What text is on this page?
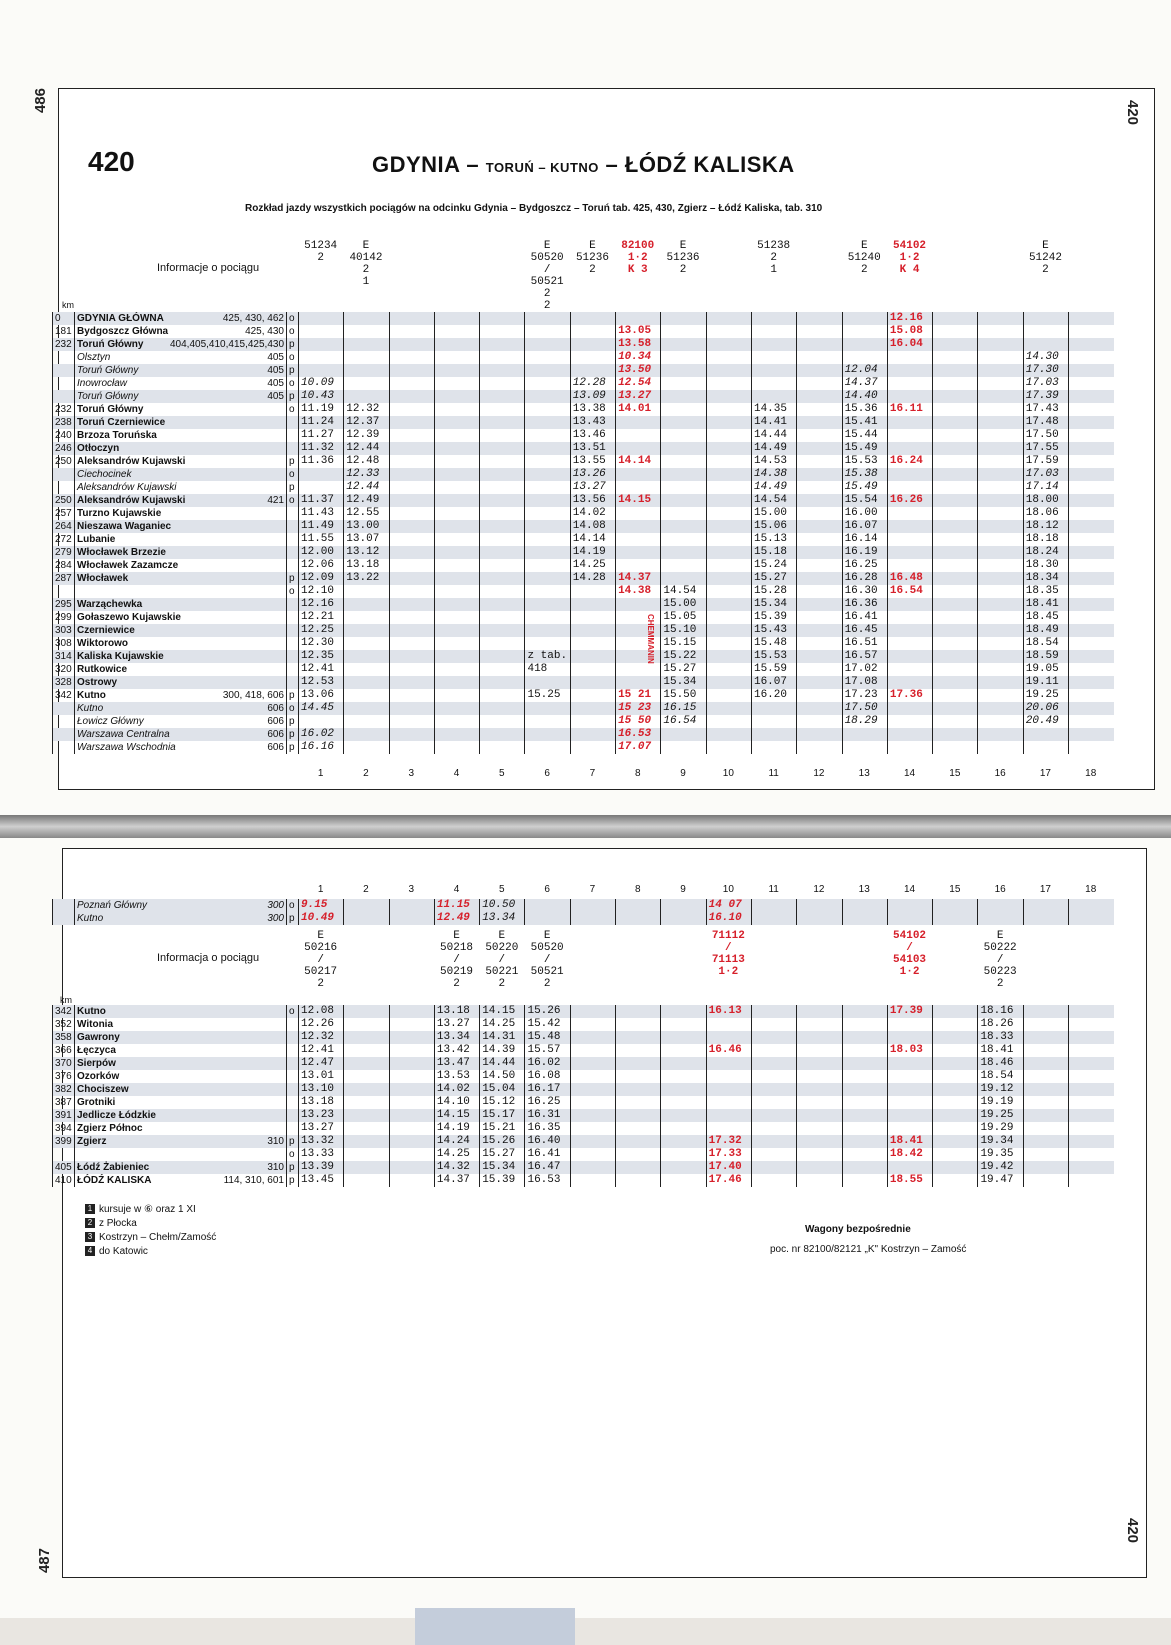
486	420
420	GDYNIA – TORUŃ – KUTNO – ŁÓDŹ KALISKA
Rozkład jazdy wszystkich pociągów na odcinku Gdynia – Bydgoszcz – Toruń tab. 425, 430, Zgierz – Łódź Kaliska, tab. 310
Informacje o pociągu
km
51234
2
E
40142
2
1
E
50520 / 50521
2
2
E
51236
2
82100
1·2
K 3
E
51236
2
51238
2
1
E
51240
2
54102
1·2
K 4
E
51242
2
0	GDYNIA GŁÓWNA 425, 430, 462	o														12.16				
181	Bydgoszcz Główna 425, 430	o								13.05						15.08				
232	Toruń Główny 404,405,410,415,425,430	p								13.58						16.04				
	Olsztyn 405	o								10.34									14.30	
	Toruń Główny 405	p								13.50					12.04				17.30	
	Inowrocław 405	o	10.09						12.28	12.54					14.37				17.03	
	Toruń Główny 405	p	10.43						13.09	13.27					14.40				17.39	
232	Toruń Główny	o	11.19	12.32					13.38	14.01			14.35		15.36	16.11			17.43	
238	Toruń Czerniewice		11.24	12.37					13.43				14.41		15.41				17.48	
240	Brzoza Toruńska		11.27	12.39					13.46				14.44		15.44				17.50	
246	Otłoczyn		11.32	12.44					13.51				14.49		15.49				17.55	
250	Aleksandrów Kujawski	p	11.36	12.48					13.55	14.14			14.53		15.53	16.24			17.59	
	Ciechocinek	o		12.33					13.26				14.38		15.38				17.03	
	Aleksandrów Kujawski	p		12.44					13.27				14.49		15.49				17.14	
250	Aleksandrów Kujawski 421	o	11.37	12.49					13.56	14.15			14.54		15.54	16.26			18.00	
257	Turzno Kujawskie		11.43	12.55					14.02				15.00		16.00				18.06	
264	Nieszawa Waganiec		11.49	13.00					14.08				15.06		16.07				18.12	
272	Lubanie		11.55	13.07					14.14				15.13		16.14				18.18	
279	Włocławek Brzezie		12.00	13.12					14.19				15.18		16.19				18.24	
284	Włocławek Zazamcze		12.06	13.18					14.25				15.24		16.25				18.30	
287	Włocławek	p	12.09	13.22					14.28	14.37			15.27		16.28	16.48			18.34	
		o	12.10							14.38	14.54		15.28		16.30	16.54			18.35	
295	Warząchewka		12.16								15.00		15.34		16.36				18.41	
299	Gołaszewo Kujawskie		12.21								15.05		15.39		16.41				18.45	
303	Czerniewice		12.25								15.10		15.43		16.45				18.49	
308	Wiktorowo		12.30								15.15		15.48		16.51				18.54	
314	Kaliska Kujawskie		12.35					z tab.			15.22		15.53		16.57				18.59	
320	Rutkowice		12.41					418			15.27		15.59		17.02				19.05	
328	Ostrowy		12.53								15.34		16.07		17.08				19.11	
342	Kutno 300, 418, 606	p	13.06					15.25		15 21	15.50		16.20		17.23	17.36			19.25	
	Kutno 606	o	14.45							15 23	16.15				17.50				20.06	
	Łowicz Główny 606	p								15 50	16.54				18.29				20.49	
	Warszawa Centralna 606	p	16.02							16.53										
	Warszawa Wschodnia 606	p	16.16							17.07										
1	2	3	4	5	6	7	8	9	10	11	12	13	14	15	16	17	18
CHEMMANIN
487
420
1	2	3	4	5	6	7	8	9	10	11	12	13	14	15	16	17	18
	Poznań Główny 300	o	9.15			11.15	10.50					14 07								
	Kutno 300	p	10.49			12.49	13.34					16.10								
Informacja o pociągu
km
E
50216 / 50217
2
E
50218 / 50219
2
E
50220 / 50221
2
E
50520 / 50521
2
71112 / 71113
1·2
54102 / 54103
1·2
E
50222 / 50223
2
342	Kutno	o	12.08			13.18	14.15	15.26				16.13				17.39		18.16		
352	Witonia		12.26			13.27	14.25	15.42										18.26		
358	Gawrony		12.32			13.34	14.31	15.48										18.33		
366	Łęczyca		12.41			13.42	14.39	15.57				16.46				18.03		18.41		
370	Sierpów		12.47			13.47	14.44	16.02										18.46		
376	Ozorków		13.01			13.53	14.50	16.08										18.54		
382	Chociszew		13.10			14.02	15.04	16.17										19.12		
387	Grotniki		13.18			14.10	15.12	16.25										19.19		
391	Jedlicze Łódzkie		13.23			14.15	15.17	16.31										19.25		
394	Zgierz Północ		13.27			14.19	15.21	16.35										19.29		
399	Zgierz 310	p	13.32			14.24	15.26	16.40				17.32				18.41		19.34		
		o	13.33			14.25	15.27	16.41				17.33				18.42		19.35		
405	Łódź Żabieniec 310	p	13.39			14.32	15.34	16.47				17.40						19.42		
410	ŁÓDŹ KALISKA 114, 310, 601	p	13.45			14.37	15.39	16.53				17.46				18.55		19.47		
1 kursuje w ⑥ oraz 1 XI
2 z Płocka
3 Kostrzyn – Chełm/Zamość
4 do Katowic
Wagony bezpośrednie
poc. nr 82100/82121 „K" Kostrzyn – Zamość
